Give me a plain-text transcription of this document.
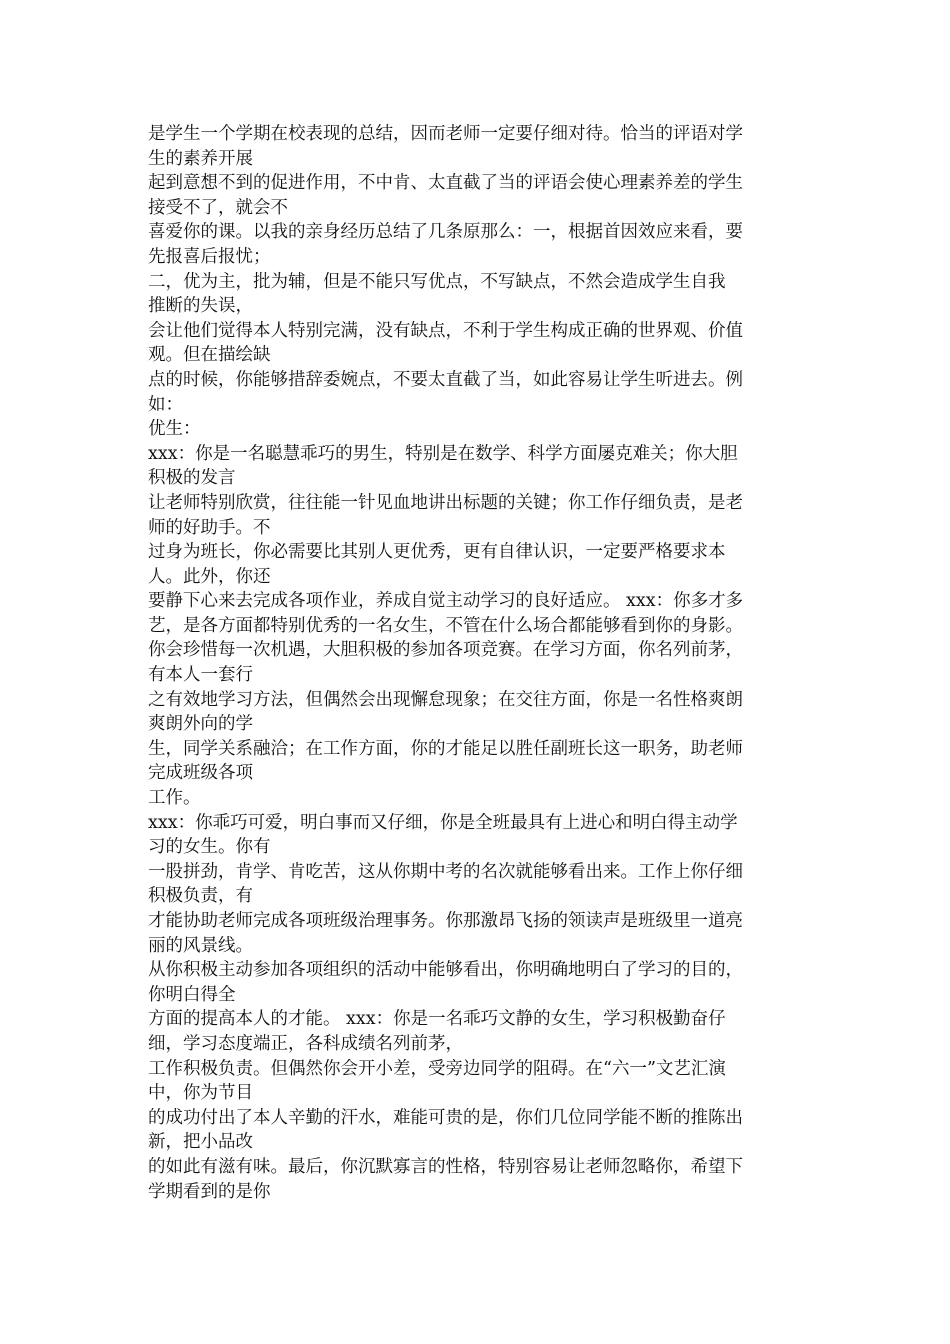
是学生一个学期在校表现的总结，因而老师一定要仔细对待。恰当的评语对学
生的素养开展
起到意想不到的促进作用，不中肯、太直截了当的评语会使心理素养差的学生
接受不了，就会不
喜爱你的课。以我的亲身经历总结了几条原那么：一，根据首因效应来看，要
先报喜后报忧；
二，优为主，批为辅，但是不能只写优点，不写缺点，不然会造成学生自我
推断的失误，
会让他们觉得本人特别完满，没有缺点，不利于学生构成正确的世界观、价值
观。但在描绘缺
点的时候，你能够措辞委婉点，不要太直截了当，如此容易让学生听进去。例
如：
优生：
xxx：你是一名聪慧乖巧的男生，特别是在数学、科学方面屡克难关；你大胆
积极的发言
让老师特别欣赏，往往能一针见血地讲出标题的关键；你工作仔细负责，是老
师的好助手。不
过身为班长，你必需要比其别人更优秀，更有自律认识，一定要严格要求本
人。此外，你还
要静下心来去完成各项作业，养成自觉主动学习的良好适应。 xxx：你多才多
艺，是各方面都特别优秀的一名女生，不管在什么场合都能够看到你的身影。
你会珍惜每一次机遇，大胆积极的参加各项竞赛。在学习方面，你名列前茅，
有本人一套行
之有效地学习方法，但偶然会出现懈怠现象；在交往方面，你是一名性格爽朗
爽朗外向的学
生，同学关系融洽；在工作方面，你的才能足以胜任副班长这一职务，助老师
完成班级各项
工作。
xxx：你乖巧可爱，明白事而又仔细，你是全班最具有上进心和明白得主动学
习的女生。你有
一股拼劲，肯学、肯吃苦，这从你期中考的名次就能够看出来。工作上你仔细
积极负责，有
才能协助老师完成各项班级治理事务。你那激昂飞扬的领读声是班级里一道亮
丽的风景线。
从你积极主动参加各项组织的活动中能够看出，你明确地明白了学习的目的，
你明白得全
方面的提高本人的才能。 xxx：你是一名乖巧文静的女生，学习积极勤奋仔
细，学习态度端正，各科成绩名列前茅，
工作积极负责。但偶然你会开小差，受旁边同学的阻碍。在“六一”文艺汇演
中，你为节目
的成功付出了本人辛勤的汗水，难能可贵的是，你们几位同学能不断的推陈出
新，把小品改
的如此有滋有味。最后，你沉默寡言的性格，特别容易让老师忽略你，希望下
学期看到的是你
